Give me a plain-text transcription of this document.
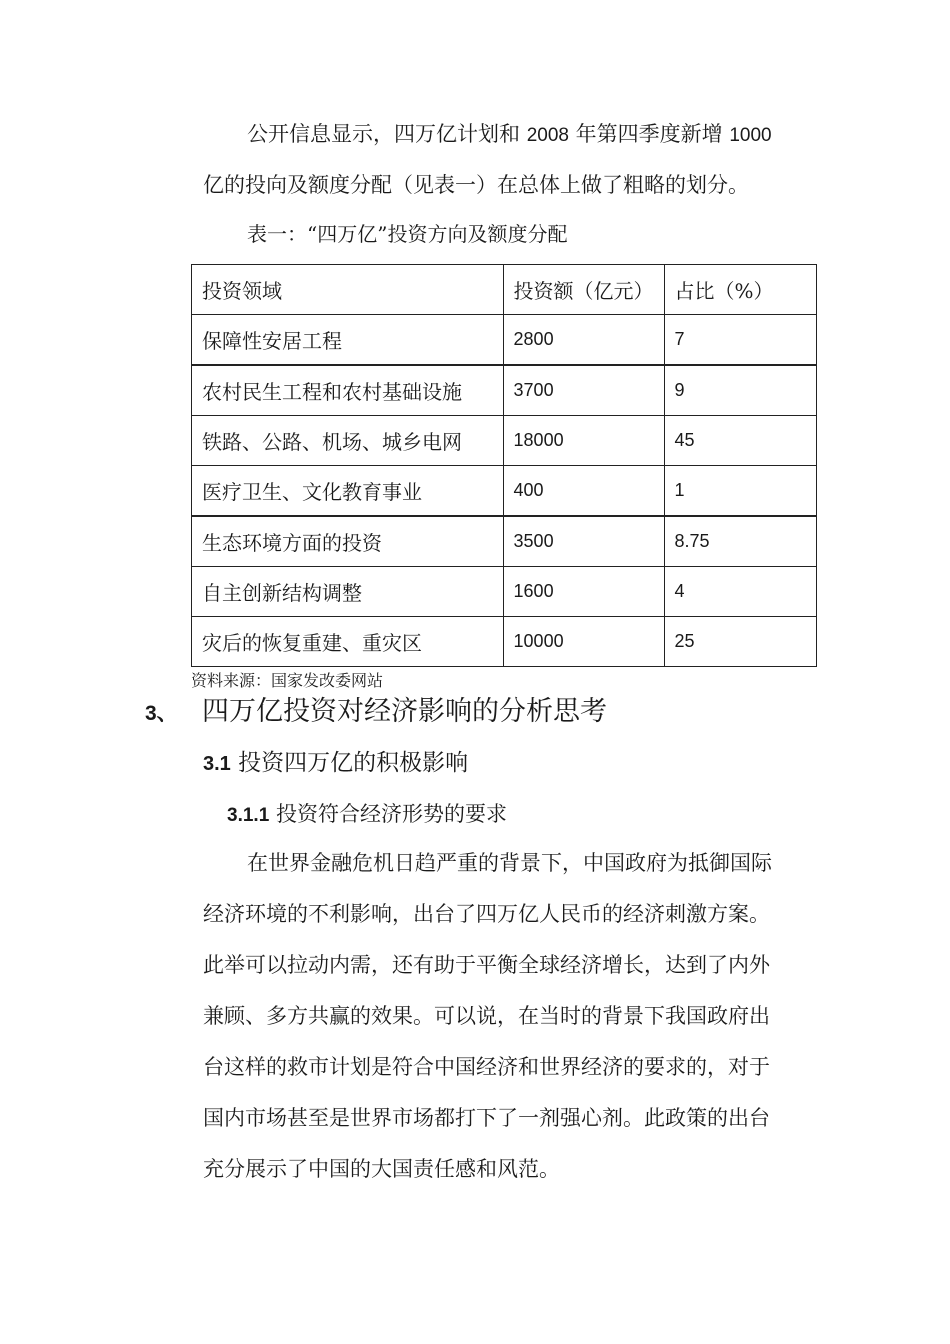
公开信息显示，四万亿计划和 2008 年第四季度新增 1000
亿的投向及额度分配（见表一）在总体上做了粗略的划分。
表一：“四万亿”投资方向及额度分配
投资领域	投资额（亿元）	占比（%）
保障性安居工程	2800	7
农村民生工程和农村基础设施	3700	9
铁路、公路、机场、城乡电网	18000	45
医疗卫生、文化教育事业	400	1
生态环境方面的投资	3500	8.75
自主创新结构调整	1600	4
灾后的恢复重建、重灾区	10000	25
资料来源：国家发改委网站
3、 四万亿投资对经济影响的分析思考
3.1 投资四万亿的积极影响
3.1.1 投资符合经济形势的要求
在世界金融危机日趋严重的背景下，中国政府为抵御国际
经济环境的不利影响，出台了四万亿人民币的经济刺激方案。
此举可以拉动内需，还有助于平衡全球经济增长，达到了内外
兼顾、多方共赢的效果。可以说，在当时的背景下我国政府出
台这样的救市计划是符合中国经济和世界经济的要求的，对于
国内市场甚至是世界市场都打下了一剂强心剂。此政策的出台
充分展示了中国的大国责任感和风范。
